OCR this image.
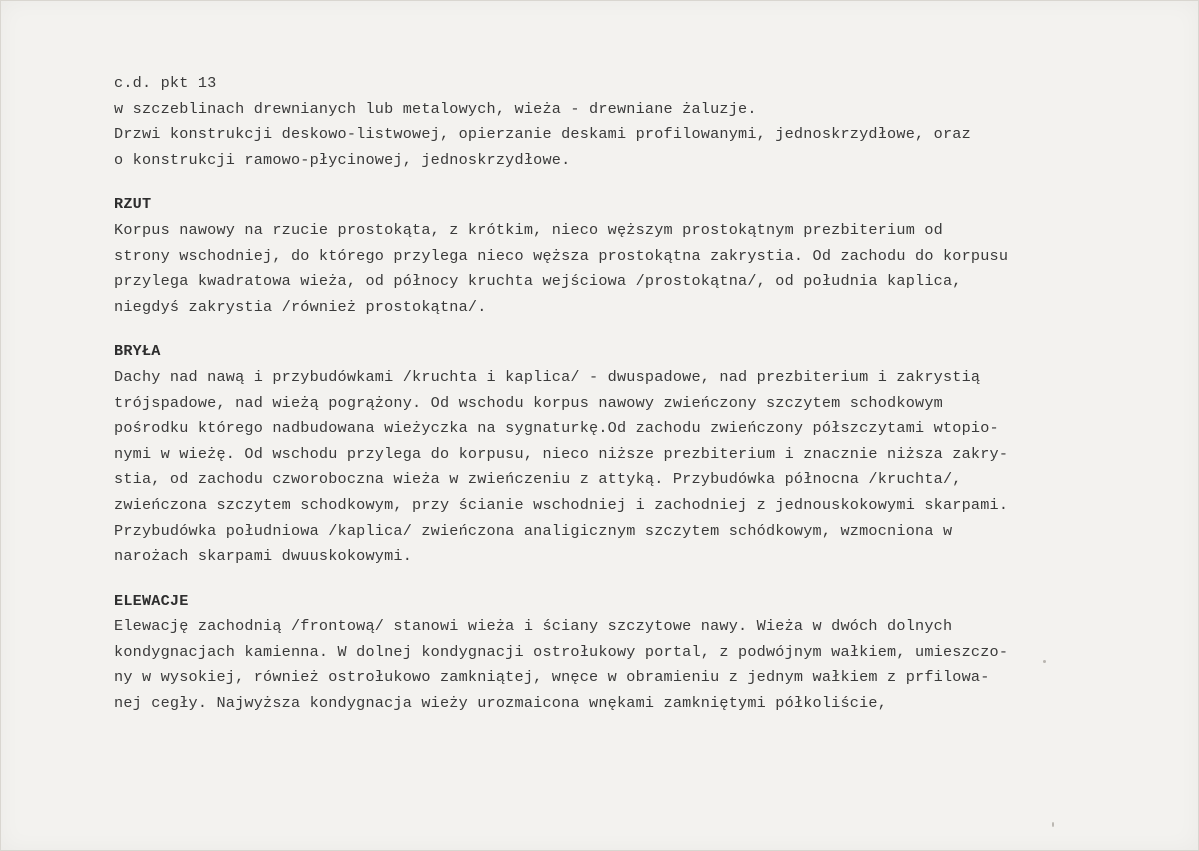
c.d. pkt 13
w szczeblinach drewnianych lub metalowych, wieża - drewniane żaluzje.
Drzwi konstrukcji deskowo-listwowej, opierzanie deskami profilowanymi, jednoskrzydłowe, oraz
o konstrukcji ramowo-płycinowej, jednoskrzydłowe.
RZUT
Korpus nawowy na rzucie prostokąta, z krótkim, nieco węższym prostokątnym prezbiterium od
strony wschodniej, do którego przylega nieco węższa prostokątna zakrystia. Od zachodu do korpusu
przylega kwadratowa wieża, od północy kruchta wejściowa /prostokątna/, od południa kaplica,
niegdyś zakrystia /również prostokątna/.
BRYŁA
Dachy nad nawą i przybudówkami /kruchta i kaplica/ - dwuspadowe, nad prezbiterium i zakrystią
trójspadowe, nad wieżą pogrążony. Od wschodu korpus nawowy zwieńczony szczytem schodkowym
pośrodku którego nadbudowana wieżyczka na sygnaturkę.Od zachodu zwieńczony półszczytami wtopio-
nymi w wieżę. Od wschodu przylega do korpusu, nieco niższe prezbiterium i znacznie niższa zakry-
stia, od zachodu czworoboczna wieża w zwieńczeniu z attyką. Przybudówka północna /kruchta/,
zwieńczona szczytem schodkowym, przy ścianie wschodniej i zachodniej z jednouskokowymi skarpami.
Przybudówka południowa /kaplica/ zwieńczona analigicznym szczytem schódkowym, wzmocniona w
narożach skarpami dwuuskokowymi.
ELEWACJE
Elewację zachodnią /frontową/ stanowi wieża i ściany szczytowe nawy. Wieża w dwóch dolnych
kondygnacjach kamienna. W dolnej kondygnacji ostrołukowy portal, z podwójnym wałkiem, umieszczo-
ny w wysokiej, również ostrołukowo zamkniątej, wnęce w obramieniu z jednym wałkiem z prfilowa-
nej cegły. Najwyższa kondygnacja wieży urozmaicona wnękami zamkniętymi półkoliście,
